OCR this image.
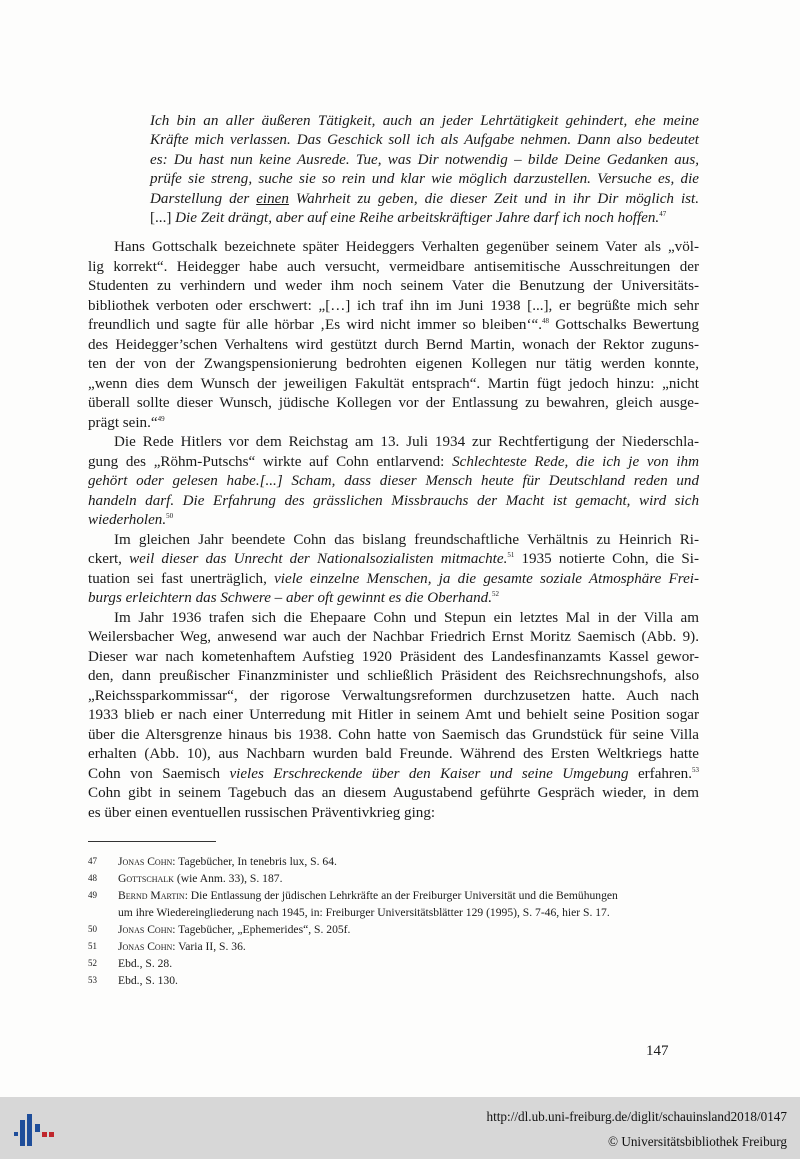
Ich bin an aller äußeren Tätigkeit, auch an jeder Lehrtätigkeit gehindert, ehe meine
Kräfte mich verlassen. Das Geschick soll ich als Aufgabe nehmen. Dann also bedeutet
es: Du hast nun keine Ausrede. Tue, was Dir notwendig – bilde Deine Gedanken aus,
prüfe sie streng, suche sie so rein und klar wie möglich darzustellen. Versuche es, die
Darstellung der einen Wahrheit zu geben, die dieser Zeit und in ihr Dir möglich ist.
[...] Die Zeit drängt, aber auf eine Reihe arbeitskräftiger Jahre darf ich noch hoffen.$^{47}$

Hans Gottschalk bezeichnete später Heideggers Verhalten gegenüber seinem Vater als „völ-
lig korrekt“. Heidegger habe auch versucht, vermeidbare antisemitische Ausschreitungen der
Studenten zu verhindern und weder ihm noch seinem Vater die Benutzung der Universitäts-
bibliothek verboten oder erschwert: „[…] ich traf ihn im Juni 1938 [...], er begrüßte mich sehr
freundlich und sagte für alle hörbar ‚Es wird nicht immer so bleiben‘“.$^{48}$ Gottschalks Bewertung
des Heidegger’schen Verhaltens wird gestützt durch Bernd Martin, wonach der Rektor zuguns-
ten der von der Zwangspensionierung bedrohten eigenen Kollegen nur tätig werden konnte,
„wenn dies dem Wunsch der jeweiligen Fakultät entsprach“. Martin fügt jedoch hinzu: „nicht
überall sollte dieser Wunsch, jüdische Kollegen vor der Entlassung zu bewahren, gleich ausge-
prägt sein.“$^{49}$

Die Rede Hitlers vor dem Reichstag am 13. Juli 1934 zur Rechtfertigung der Niederschla-
gung des „Röhm-Putschs“ wirkte auf Cohn entlarvend: Schlechteste Rede, die ich je von ihm
gehört oder gelesen habe.[...] Scham, dass dieser Mensch heute für Deutschland reden und
handeln darf. Die Erfahrung des grässlichen Missbrauchs der Macht ist gemacht, wird sich
wiederholen.$^{50}$

Im gleichen Jahr beendete Cohn das bislang freundschaftliche Verhältnis zu Heinrich Ri-
ckert, weil dieser das Unrecht der Nationalsozialisten mitmachte.$^{51}$ 1935 notierte Cohn, die Si-
tuation sei fast unerträglich, viele einzelne Menschen, ja die gesamte soziale Atmosphäre Frei-
burgs erleichtern das Schwere – aber oft gewinnt es die Oberhand.$^{52}$

Im Jahr 1936 trafen sich die Ehepaare Cohn und Stepun ein letztes Mal in der Villa am
Weilersbacher Weg, anwesend war auch der Nachbar Friedrich Ernst Moritz Saemisch (Abb. 9).
Dieser war nach kometenhaftem Aufstieg 1920 Präsident des Landesfinanzamts Kassel gewor-
den, dann preußischer Finanzminister und schließlich Präsident des Reichsrechnungshofs, also
„Reichssparkommissar“, der rigorose Verwaltungsreformen durchzusetzen hatte. Auch nach
1933 blieb er nach einer Unterredung mit Hitler in seinem Amt und behielt seine Position sogar
über die Altersgrenze hinaus bis 1938. Cohn hatte von Saemisch das Grundstück für seine Villa
erhalten (Abb. 10), aus Nachbarn wurden bald Freunde. Während des Ersten Weltkriegs hatte
Cohn von Saemisch vieles Erschreckende über den Kaiser und seine Umgebung erfahren.$^{53}$
Cohn gibt in seinem Tagebuch das an diesem Augustabend geführte Gespräch wieder, in dem
es über einen eventuellen russischen Präventivkrieg ging:

47	Jonas Cohn: Tagebücher, In tenebris lux, S. 64.
48	Gottschalk (wie Anm. 33), S. 187.
49	Bernd Martin: Die Entlassung der jüdischen Lehrkräfte an der Freiburger Universität und die Bemühungen
um ihre Wiedereingliederung nach 1945, in: Freiburger Universitätsblätter 129 (1995), S. 7-46, hier S. 17.
50	Jonas Cohn: Tagebücher, „Ephemerides“, S. 205f.
51	Jonas Cohn: Varia II, S. 36.
52	Ebd., S. 28.
53	Ebd., S. 130.
147
http://dl.ub.uni-freiburg.de/diglit/schauinsland2018/0147
© Universitätsbibliothek Freiburg
